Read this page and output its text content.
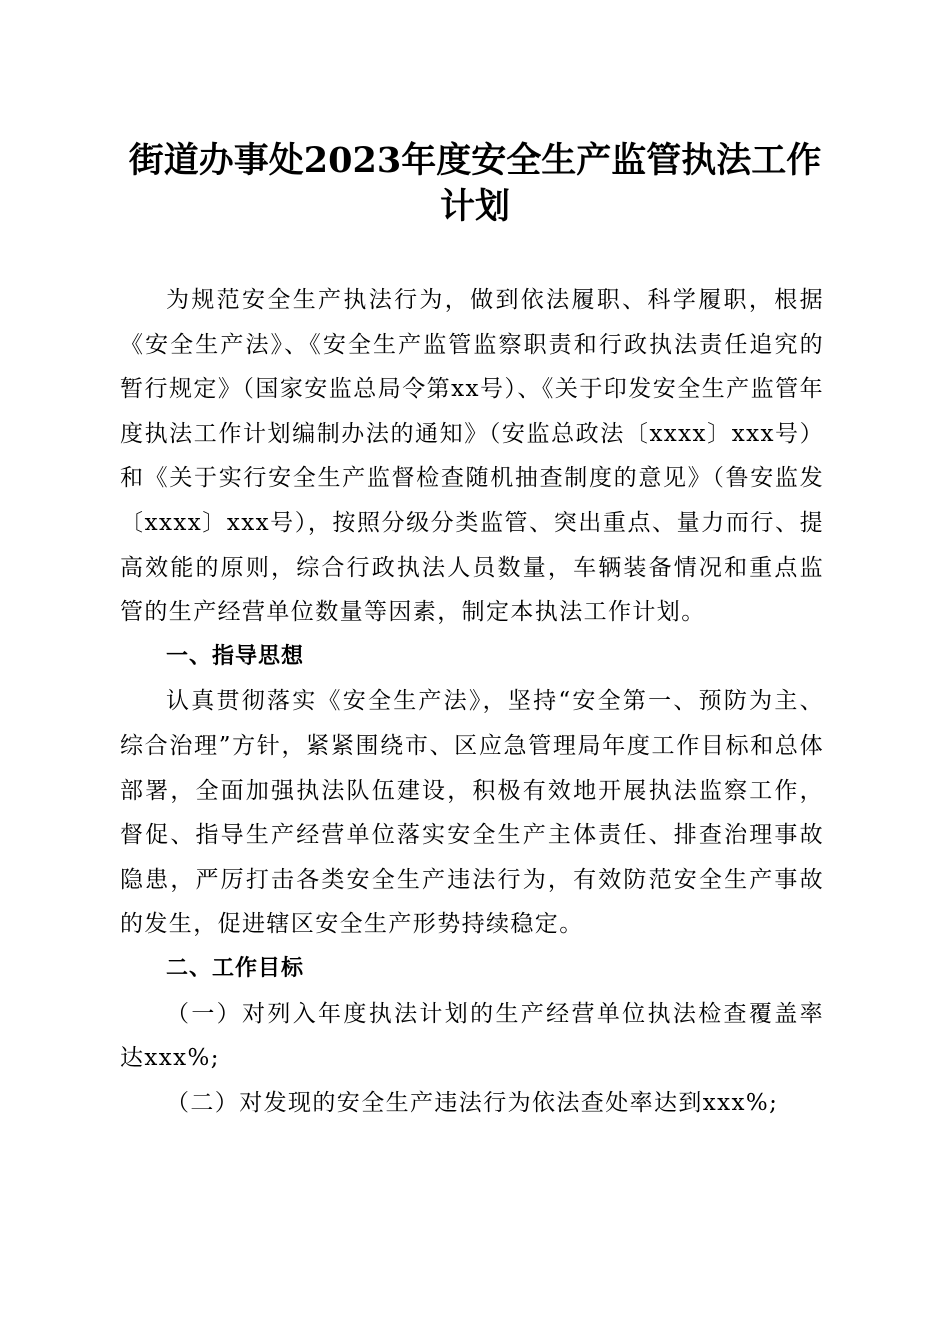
街道办事处2023年度安全生产监管执法工作
计划

为规范安全生产执法行为，做到依法履职、科学履职，根据《安全生产法》、《安全生产监管监察职责和行政执法责任追究的暂行规定》（国家安监总局令第xx号）、《关于印发安全生产监管年度执法工作计划编制办法的通知》（安监总政法〔xxxx〕xxx号）和《关于实行安全生产监督检查随机抽查制度的意见》（鲁安监发〔xxxx〕xxx号），按照分级分类监管、突出重点、量力而行、提高效能的原则，综合行政执法人员数量，车辆装备情况和重点监管的生产经营单位数量等因素，制定本执法工作计划。

一、指导思想

认真贯彻落实《安全生产法》，坚持“安全第一、预防为主、综合治理”方针，紧紧围绕市、区应急管理局年度工作目标和总体部署，全面加强执法队伍建设，积极有效地开展执法监察工作，督促、指导生产经营单位落实安全生产主体责任、排查治理事故隐患，严厉打击各类安全生产违法行为，有效防范安全生产事故的发生，促进辖区安全生产形势持续稳定。

二、工作目标

（一）对列入年度执法计划的生产经营单位执法检查覆盖率达xxx%;

（二）对发现的安全生产违法行为依法查处率达到xxx%;
